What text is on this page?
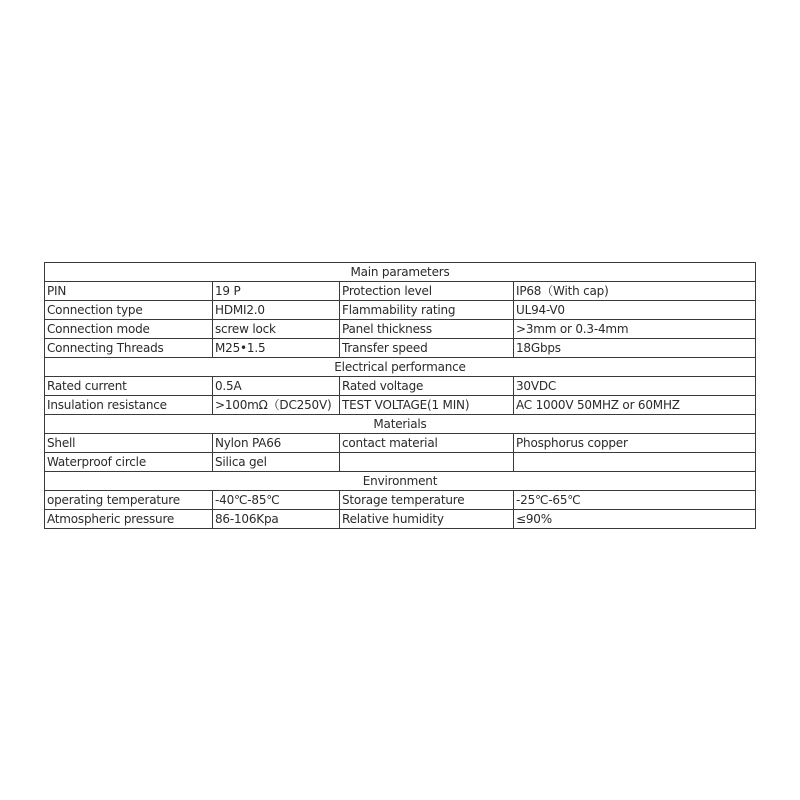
Main parameters			
PIN	19 P	Protection level	IP68（With cap)
Connection type	HDMI2.0	Flammability rating	UL94-V0
Connection mode	screw lock	Panel thickness	>3mm or 0.3-4mm
Connecting Threads	M25•1.5	Transfer speed	18Gbps
Electrical performance			
Rated current	0.5A	Rated voltage	30VDC
Insulation resistance	>100mΩ（DC250V)	TEST VOLTAGE(1 MIN)	AC 1000V 50MHZ or 60MHZ
Materials			
Shell	Nylon PA66	contact material	Phosphorus copper
Waterproof circle	Silica gel		
Environment			
operating temperature	-40℃-85℃	Storage temperature	-25℃-65℃
Atmospheric pressure	86-106Kpa	Relative humidity	≤90%
